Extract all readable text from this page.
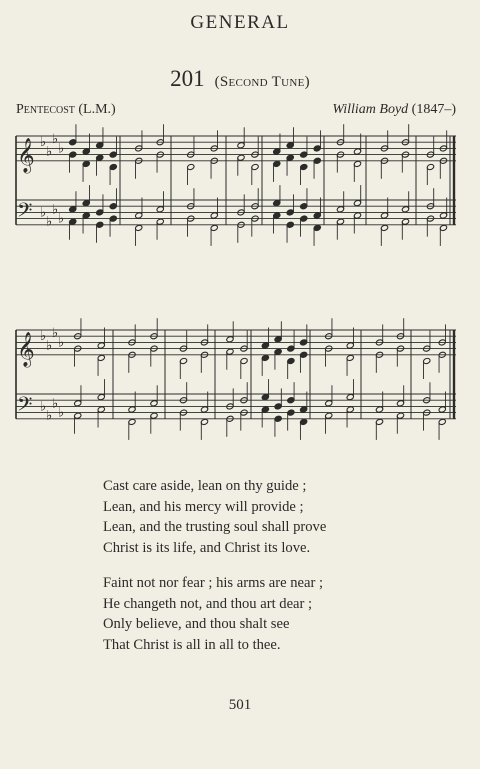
GENERAL
201 (Second Tune)
Pentecost (L.M.)	William Boyd (1847–)
𝄞
𝄢
♭
♭
♭
♭
♭
♭
♭
♭
𝄞
𝄢
♭
♭
♭
♭
♭
♭
♭
♭
Cast care aside, lean on thy guide ;
Lean, and his mercy will provide ;
Lean, and the trusting soul shall prove
Christ is its life, and Christ its love.
Faint not nor fear ; his arms are near ;
He changeth not, and thou art dear ;
Only believe, and thou shalt see
That Christ is all in all to thee.
501
